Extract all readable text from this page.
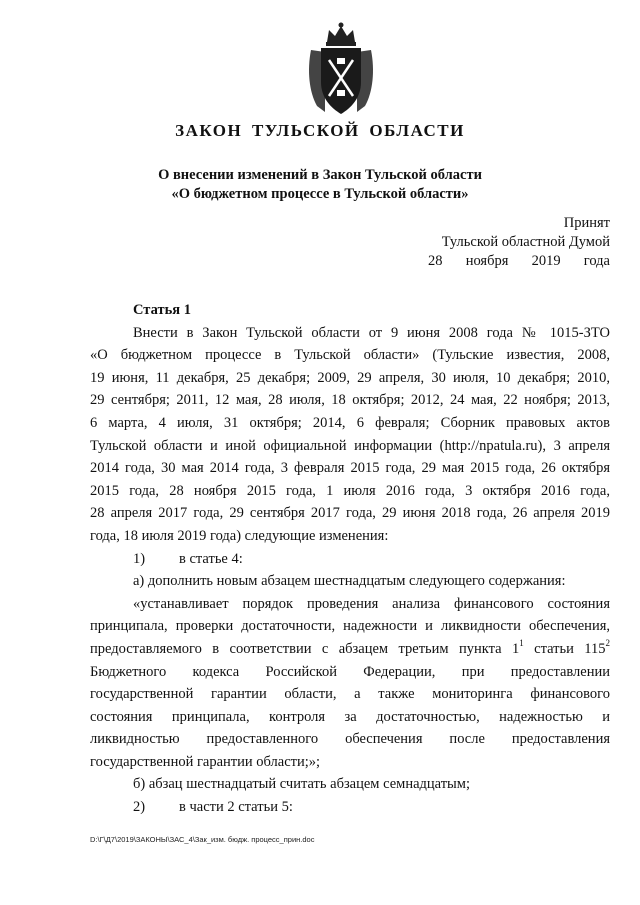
ЗАКОН ТУЛЬСКОЙ ОБЛАСТИ
О внесении изменений в Закон Тульской области
«О бюджетном процессе в Тульской области»
Принят
Тульской областной Думой
28 ноября 2019 года
Статья 1
Внести в Закон Тульской области от 9 июня 2008 года № 1015-ЗТО
«О бюджетном процессе в Тульской области» (Тульские известия, 2008,
19 июня, 11 декабря, 25 декабря; 2009, 29 апреля, 30 июля, 10 декабря; 2010,
29 сентября; 2011, 12 мая, 28 июля, 18 октября; 2012, 24 мая, 22 ноября; 2013,
6 марта, 4 июля, 31 октября; 2014, 6 февраля; Сборник правовых актов
Тульской области и иной официальной информации (http://npatula.ru), 3 апреля
2014 года, 30 мая 2014 года, 3 февраля 2015 года, 29 мая 2015 года, 26 октября
2015 года, 28 ноября 2015 года, 1 июля 2016 года, 3 октября 2016 года,
28 апреля 2017 года, 29 сентября 2017 года, 29 июня 2018 года, 26 апреля 2019
года, 18 июля 2019 года) следующие изменения:
1) в статье 4:
а) дополнить новым абзацем шестнадцатым следующего содержания:
«устанавливает порядок проведения анализа финансового состояния
принципала, проверки достаточности, надежности и ликвидности обеспечения,
предоставляемого в соответствии с абзацем третьим пункта $1^1$ статьи $115^2$
Бюджетного кодекса Российской Федерации, при предоставлении
государственной гарантии области, а также мониторинга финансового
состояния принципала, контроля за достаточностью, надежностью и
ликвидностью предоставленного обеспечения после предоставления
государственной гарантии области;»;
б) абзац шестнадцатый считать абзацем семнадцатым;
2) в части 2 статьи 5:
D:\Г\Д7\2019\ЗАКОНЫ\ЗАС_4\Зак_изм. бюдж. процесс_прин.doc
